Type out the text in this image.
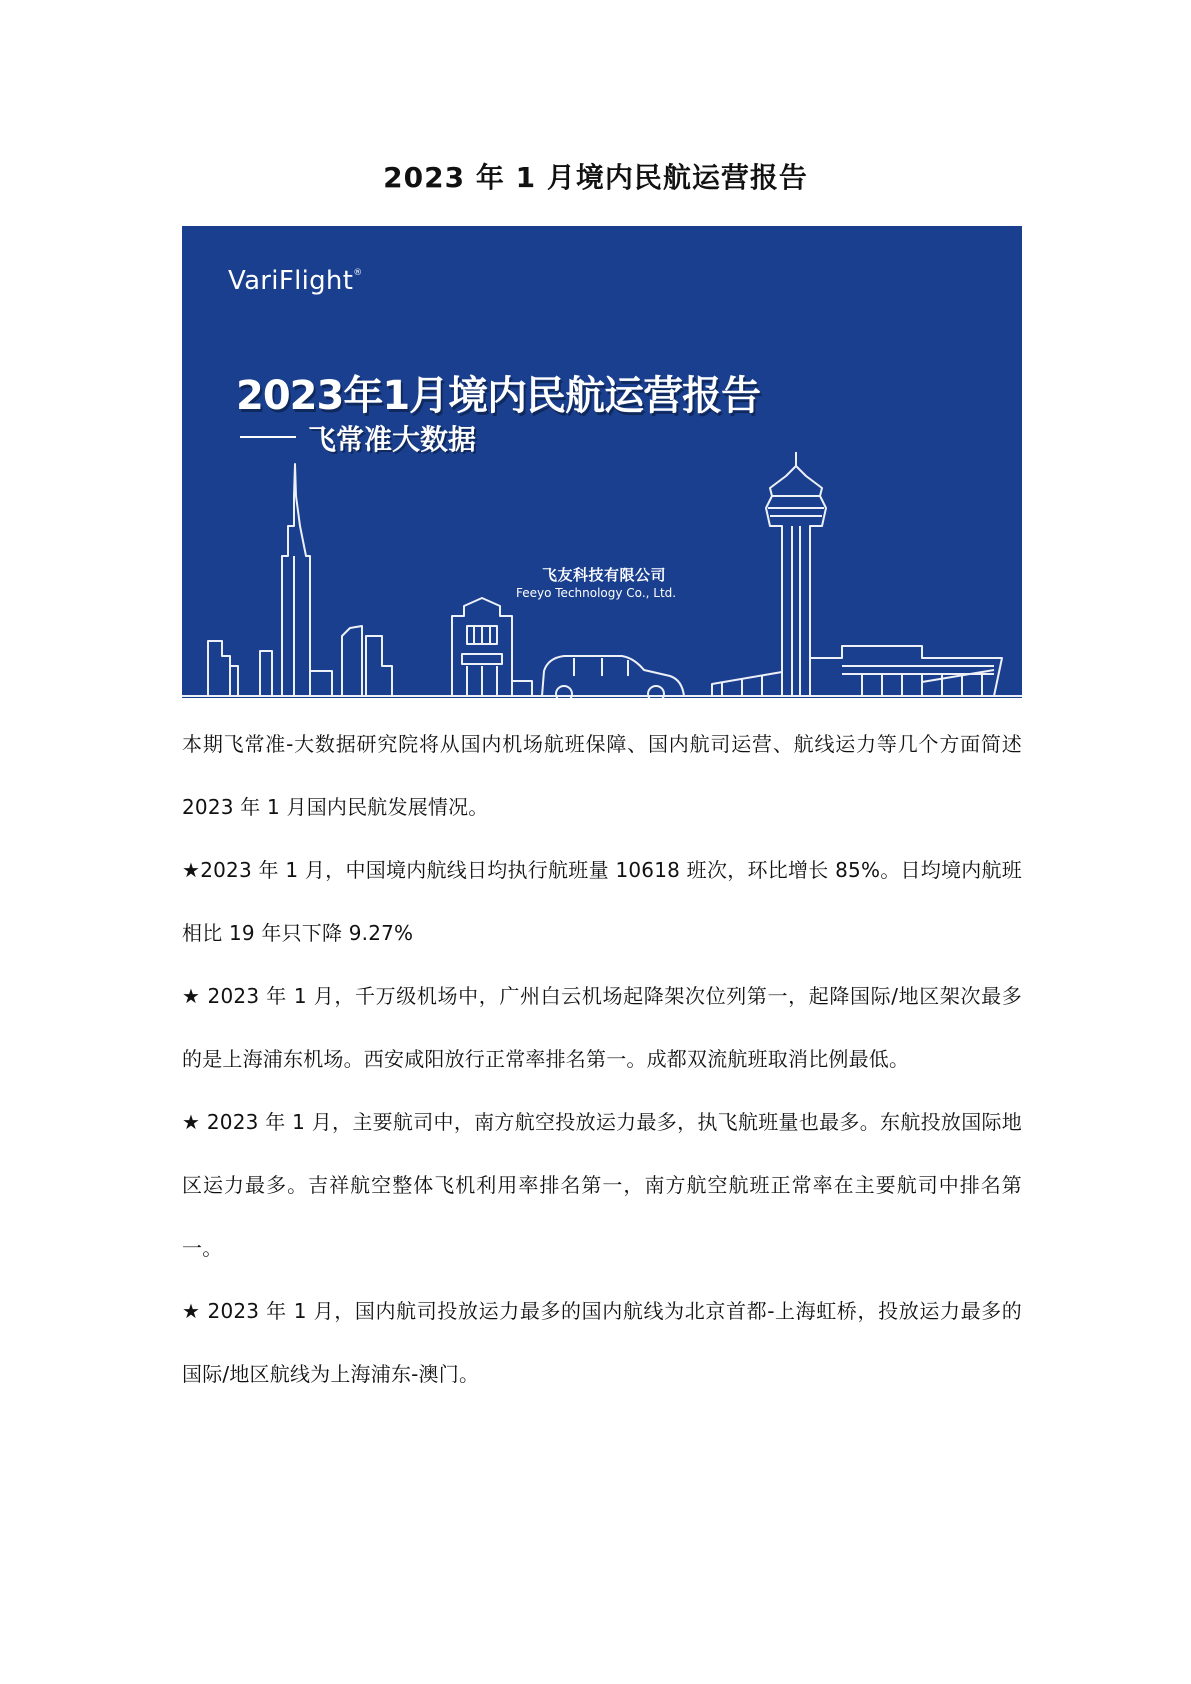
2023 年 1 月境内民航运营报告
VariFlight®
2023年1月境内民航运营报告
飞常准大数据
飞友科技有限公司
Feeyo Technology Co., Ltd.

本期飞常准-大数据研究院将从国内机场航班保障、国内航司运营、航线运力等几个方面简述 2023 年 1 月国内民航发展情况。

★2023 年 1 月，中国境内航线日均执行航班量 10618 班次，环比增长 85%。日均境内航班相比 19 年只下降 9.27%

★ 2023 年 1 月，千万级机场中，广州白云机场起降架次位列第一，起降国际/地区架次最多的是上海浦东机场。西安咸阳放行正常率排名第一。成都双流航班取消比例最低。

★ 2023 年 1 月，主要航司中，南方航空投放运力最多，执飞航班量也最多。东航投放国际地区运力最多。吉祥航空整体飞机利用率排名第一，南方航空航班正常率在主要航司中排名第一。

★ 2023 年 1 月，国内航司投放运力最多的国内航线为北京首都-上海虹桥，投放运力最多的国际/地区航线为上海浦东-澳门。
